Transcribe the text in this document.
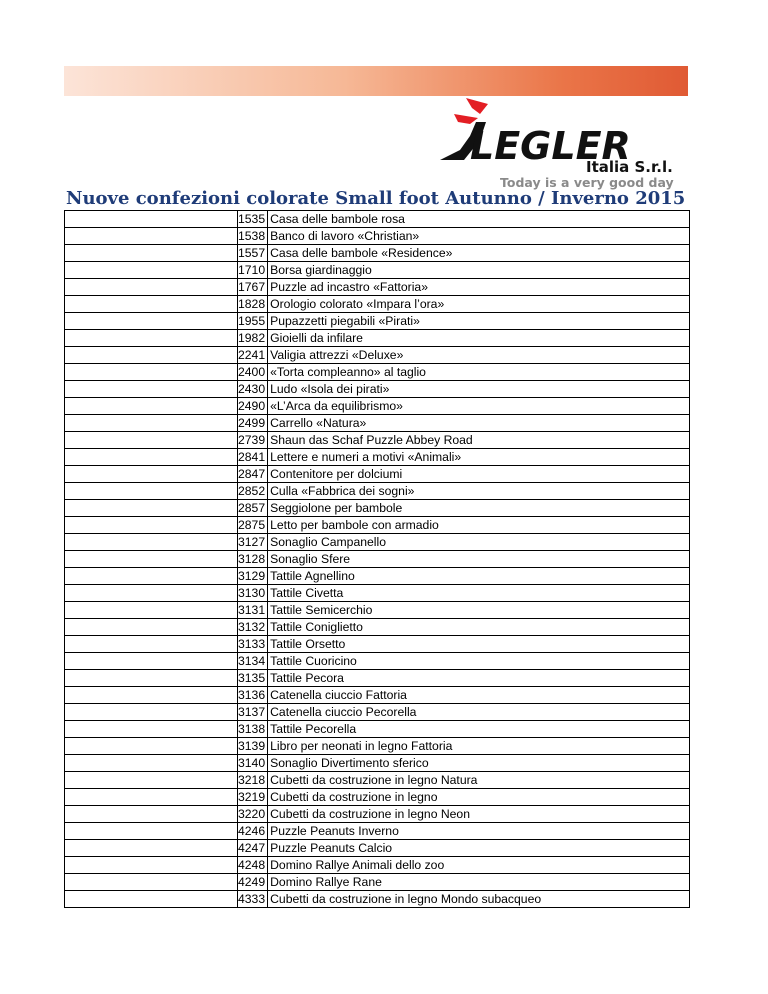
LEGLER
Italia S.r.l.
Today is a very good day
Nuove confezioni colorate Small foot Autunno / Inverno 2015
	1535	Casa delle bambole rosa
	1538	Banco di lavoro «Christian»
	1557	Casa delle bambole «Residence»
	1710	Borsa giardinaggio
	1767	Puzzle ad incastro «Fattoria»
	1828	Orologio colorato «Impara l’ora»
	1955	Pupazzetti piegabili «Pirati»
	1982	Gioielli da infilare
	2241	Valigia attrezzi «Deluxe»
	2400	«Torta compleanno» al taglio
	2430	Ludo «Isola dei pirati»
	2490	«L’Arca da equilibrismo»
	2499	Carrello «Natura»
	2739	Shaun das Schaf Puzzle Abbey Road
	2841	Lettere e numeri a motivi «Animali»
	2847	Contenitore per dolciumi
	2852	Culla «Fabbrica dei sogni»
	2857	Seggiolone per bambole
	2875	Letto per bambole con armadio
	3127	Sonaglio Campanello
	3128	Sonaglio Sfere
	3129	Tattile Agnellino
	3130	Tattile Civetta
	3131	Tattile Semicerchio
	3132	Tattile Coniglietto
	3133	Tattile Orsetto
	3134	Tattile Cuoricino
	3135	Tattile Pecora
	3136	Catenella ciuccio Fattoria
	3137	Catenella ciuccio Pecorella
	3138	Tattile Pecorella
	3139	Libro per neonati in legno Fattoria
	3140	Sonaglio Divertimento sferico
	3218	Cubetti da costruzione in legno Natura
	3219	Cubetti da costruzione in legno
	3220	Cubetti da costruzione in legno Neon
	4246	Puzzle Peanuts Inverno
	4247	Puzzle Peanuts Calcio
	4248	Domino Rallye Animali dello zoo
	4249	Domino Rallye Rane
	4333	Cubetti da costruzione in legno Mondo subacqueo
